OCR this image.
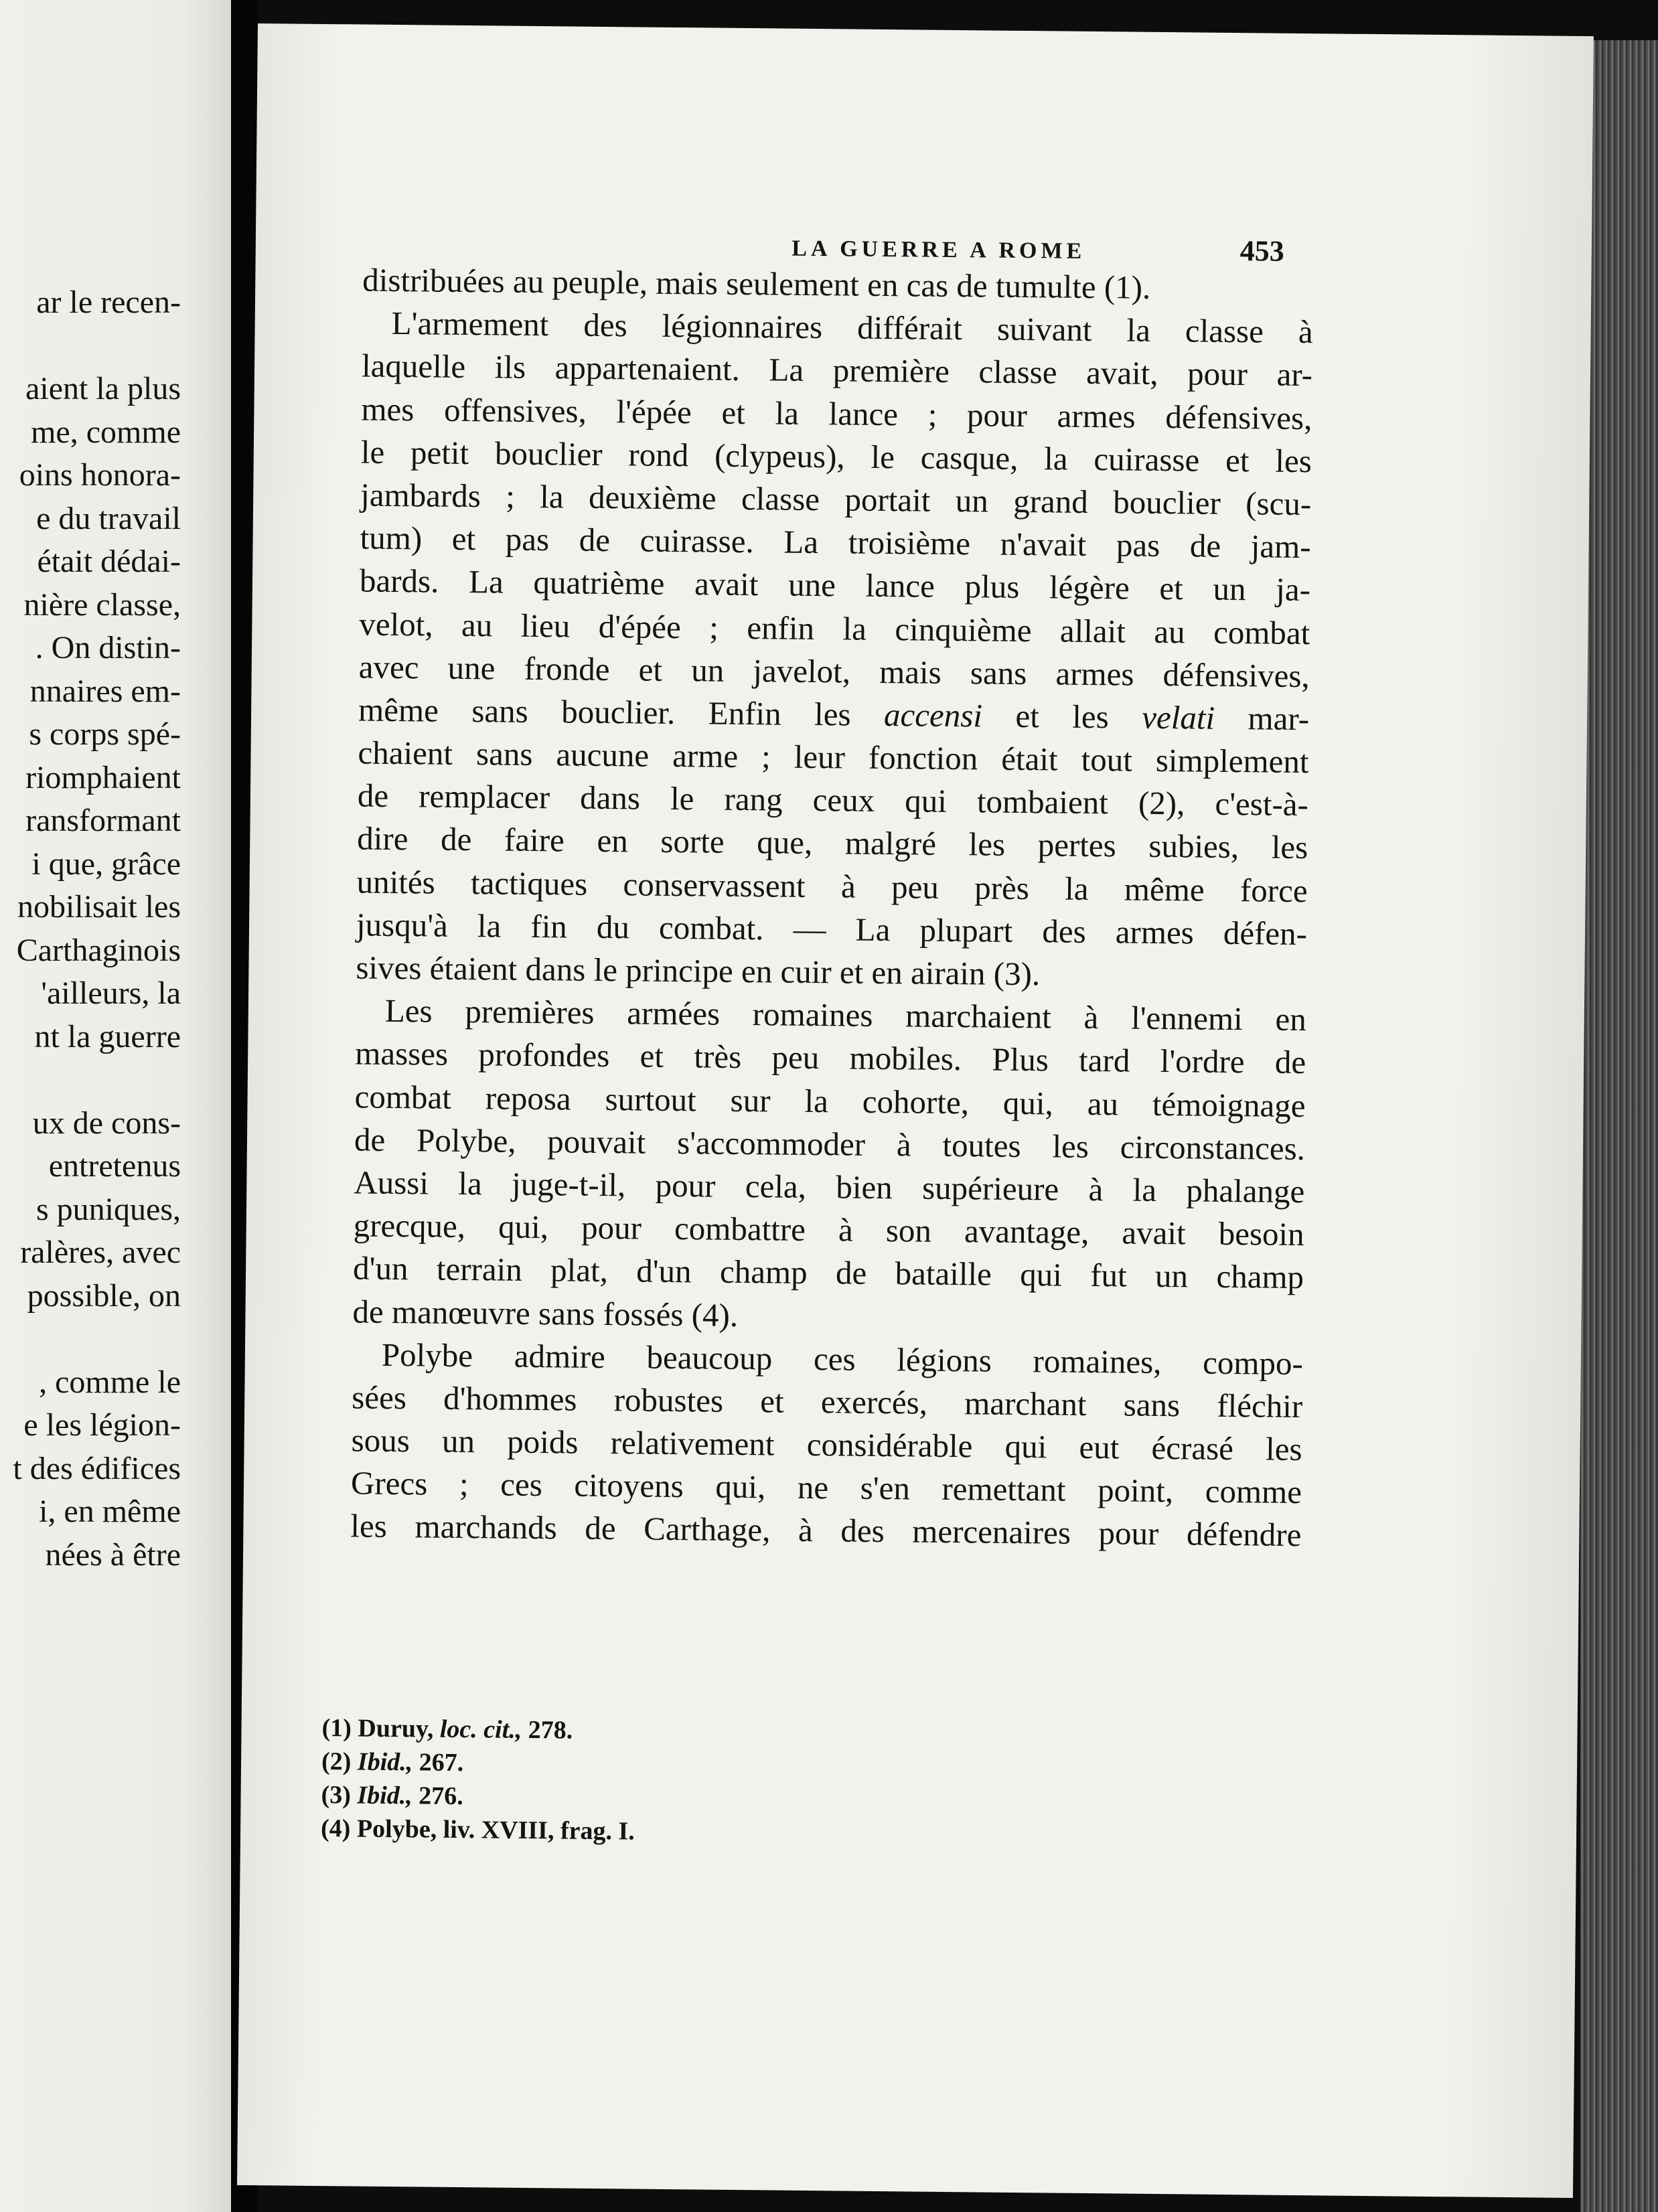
ar le recen-
aient la plus
me, comme
oins honora-
e du travail
était dédai-
nière classe,
. On distin-
nnaires em-
s corps spé-
riomphaient
ransformant
i que, grâce
nobilisait les
Carthaginois
'ailleurs, la
nt la guerre
ux de cons-
entretenus
s puniques,
ralères, avec
possible, on
, comme le
e les légion-
t des édifices
i, en même
nées à être
LA GUERRE A ROME	453
distribuées au peuple, mais seulement en cas de tumulte (1).
L'armement des légionnaires différait suivant la classe à
laquelle ils appartenaient. La première classe avait, pour ar-
mes offensives, l'épée et la lance ; pour armes défensives,
le petit bouclier rond (clypeus), le casque, la cuirasse et les
jambards ; la deuxième classe portait un grand bouclier (scu-
tum) et pas de cuirasse. La troisième n'avait pas de jam-
bards. La quatrième avait une lance plus légère et un ja-
velot, au lieu d'épée ; enfin la cinquième allait au combat
avec une fronde et un javelot, mais sans armes défensives,
même sans bouclier. Enfin les accensi et les velati mar-
chaient sans aucune arme ; leur fonction était tout simplement
de remplacer dans le rang ceux qui tombaient (2), c'est-à-
dire de faire en sorte que, malgré les pertes subies, les
unités tactiques conservassent à peu près la même force
jusqu'à la fin du combat. — La plupart des armes défen-
sives étaient dans le principe en cuir et en airain (3).
Les premières armées romaines marchaient à l'ennemi en
masses profondes et très peu mobiles. Plus tard l'ordre de
combat reposa surtout sur la cohorte, qui, au témoignage
de Polybe, pouvait s'accommoder à toutes les circonstances.
Aussi la juge-t-il, pour cela, bien supérieure à la phalange
grecque, qui, pour combattre à son avantage, avait besoin
d'un terrain plat, d'un champ de bataille qui fut un champ
de manœuvre sans fossés (4).
Polybe admire beaucoup ces légions romaines, compo-
sées d'hommes robustes et exercés, marchant sans fléchir
sous un poids relativement considérable qui eut écrasé les
Grecs ; ces citoyens qui, ne s'en remettant point, comme
les marchands de Carthage, à des mercenaires pour défendre
(1) Duruy, loc. cit., 278.
(2) Ibid., 267.
(3) Ibid., 276.
(4) Polybe, liv. XVIII, frag. I.
